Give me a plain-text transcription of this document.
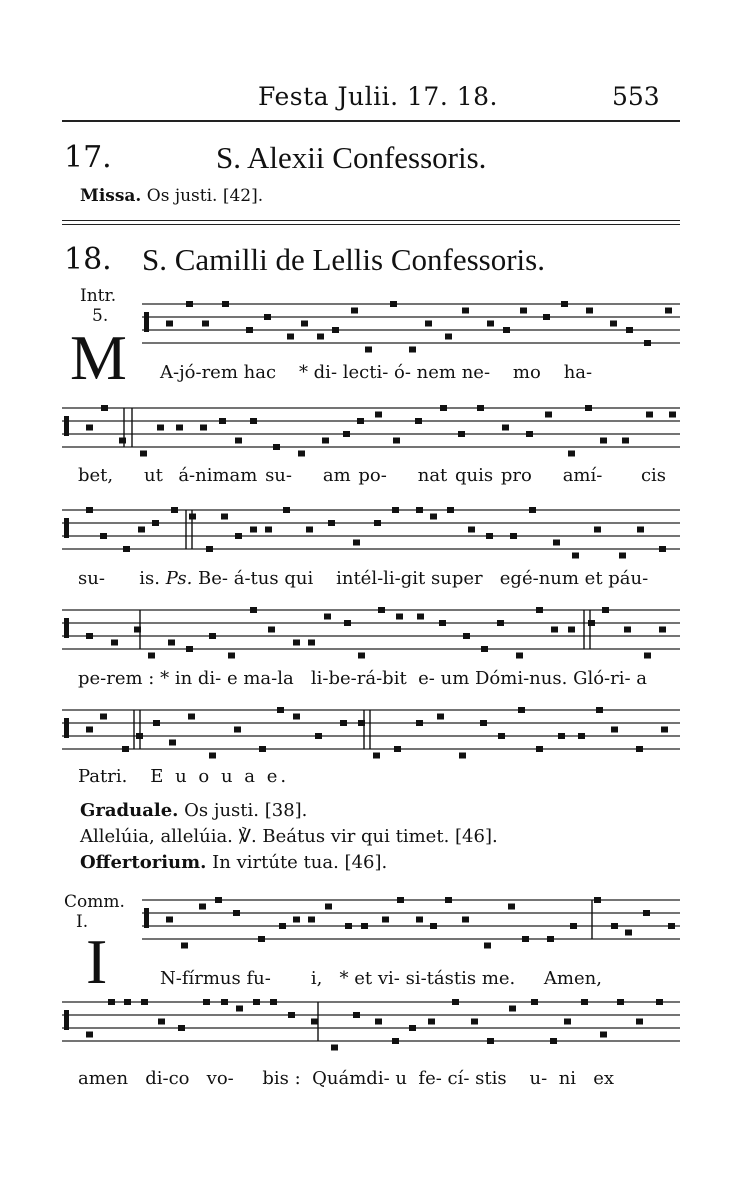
Festa Julii. 17. 18.	553
17.	S. Alexii Confessoris.
Missa. Os justi. [42].
18. S. Camilli de Lellis Confessoris.
Intr.
5.
M A-jó-rem hac * di- lecti- ó- nem ne- mo ha-
bet, ut á-nimam su- am po- nat quis pro amí- cis
su- is. Ps. Be- á-tus qui intél-li-git super egé-num et páu-
pe-rem : * in di- e ma-la li-be-rá-bit e- um Dómi-nus. Gló-ri- a
Patri. E u o u a e.
Graduale. Os justi. [38].
Allelúia, allelúia. ℣. Beátus vir qui timet. [46].
Offertorium. In virtúte tua. [46].
Comm.
I.
I	N-fírmus fu- i, * et vi- si-tástis me. Amen,
amen di-co vo- bis : Quámdi- u fe- cí- stis u- ni ex
